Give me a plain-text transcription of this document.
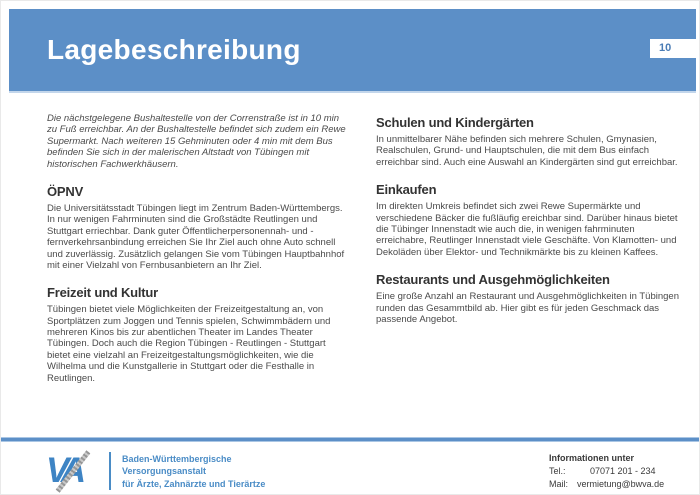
Lagebeschreibung	10

Die nächstgelegene Bushaltestelle von der Correnstraße ist in 10 min zu Fuß erreichbar. An der Bushaltestelle befindet sich zudem ein Rewe Supermarkt. Nach weiteren 15 Gehminuten oder 4 min mit dem Bus befinden Sie sich in der malerischen Altstadt von Tübingen mit historischen Fachwerkhäusern.

ÖPNV

Die Universitätsstadt Tübingen liegt im Zentrum Baden-Württembergs. In nur wenigen Fahrminuten sind die Großstädte Reutlingen und Stuttgart erriechbar. Dank guter Öffentlicherpersonennah- und -fernverkehrsanbindung erreichen Sie Ihr Ziel auch ohne Auto schnell und zuverlässig. Zusätzlich gelangen Sie vom Tübingen Hauptbahnhof mit einer Vielzahl von Fernbusanbietern an Ihr Ziel.

Freizeit und Kultur

Tübingen bietet viele Möglichkeiten der Freizeitgestaltung an, von Sportplätzen zum Joggen und Tennis spielen, Schwimmbädern und mehreren Kinos bis zur abentlichen Theater im Landes Theater Tübingen. Doch auch die Region Tübingen - Reutlingen - Stuttgart bietet eine vielzahl an Freizeitgestaltungsmöglichkeiten, wie die Wilhelma und die Kunstgallerie in Stuttgart oder die Festhalle in Reutlingen.

Schulen und Kindergärten

In unmittelbarer Nähe befinden sich mehrere Schulen, Gmynasien, Realschulen, Grund- und Hauptschulen, die mit dem Bus einfach erreichbar sind. Auch eine Auswahl an Kindergärten sind gut erreichbar.

Einkaufen

Im direkten Umkreis befindet sich zwei Rewe Supermärkte und verschiedene Bäcker die fußläufig ereichbar sind. Darüber hinaus bietet die Tübinger Innenstadt wie auch die, in wenigen fahrminuten erreichabre, Reutlinger Innenstadt viele Geschäfte. Von Klamotten- und Dekoläden über Elektor- und Technikmärkte bis zu kleinen Kaffees.

Restaurants und Ausgehmöglichkeiten

Eine große Anzahl an Restaurant und Ausgehmöglichkeiten in Tübingen runden das Gesammtbild ab. Hier gibt es für jeden Geschmack das passende Angebot.

VA	Baden-Württembergische
Versorgungsanstalt
für Ärzte, Zahnärzte und Tierärtze
Informationen unter
Tel.:	07071 201 - 234
Mail: vermietung@bwva.de
